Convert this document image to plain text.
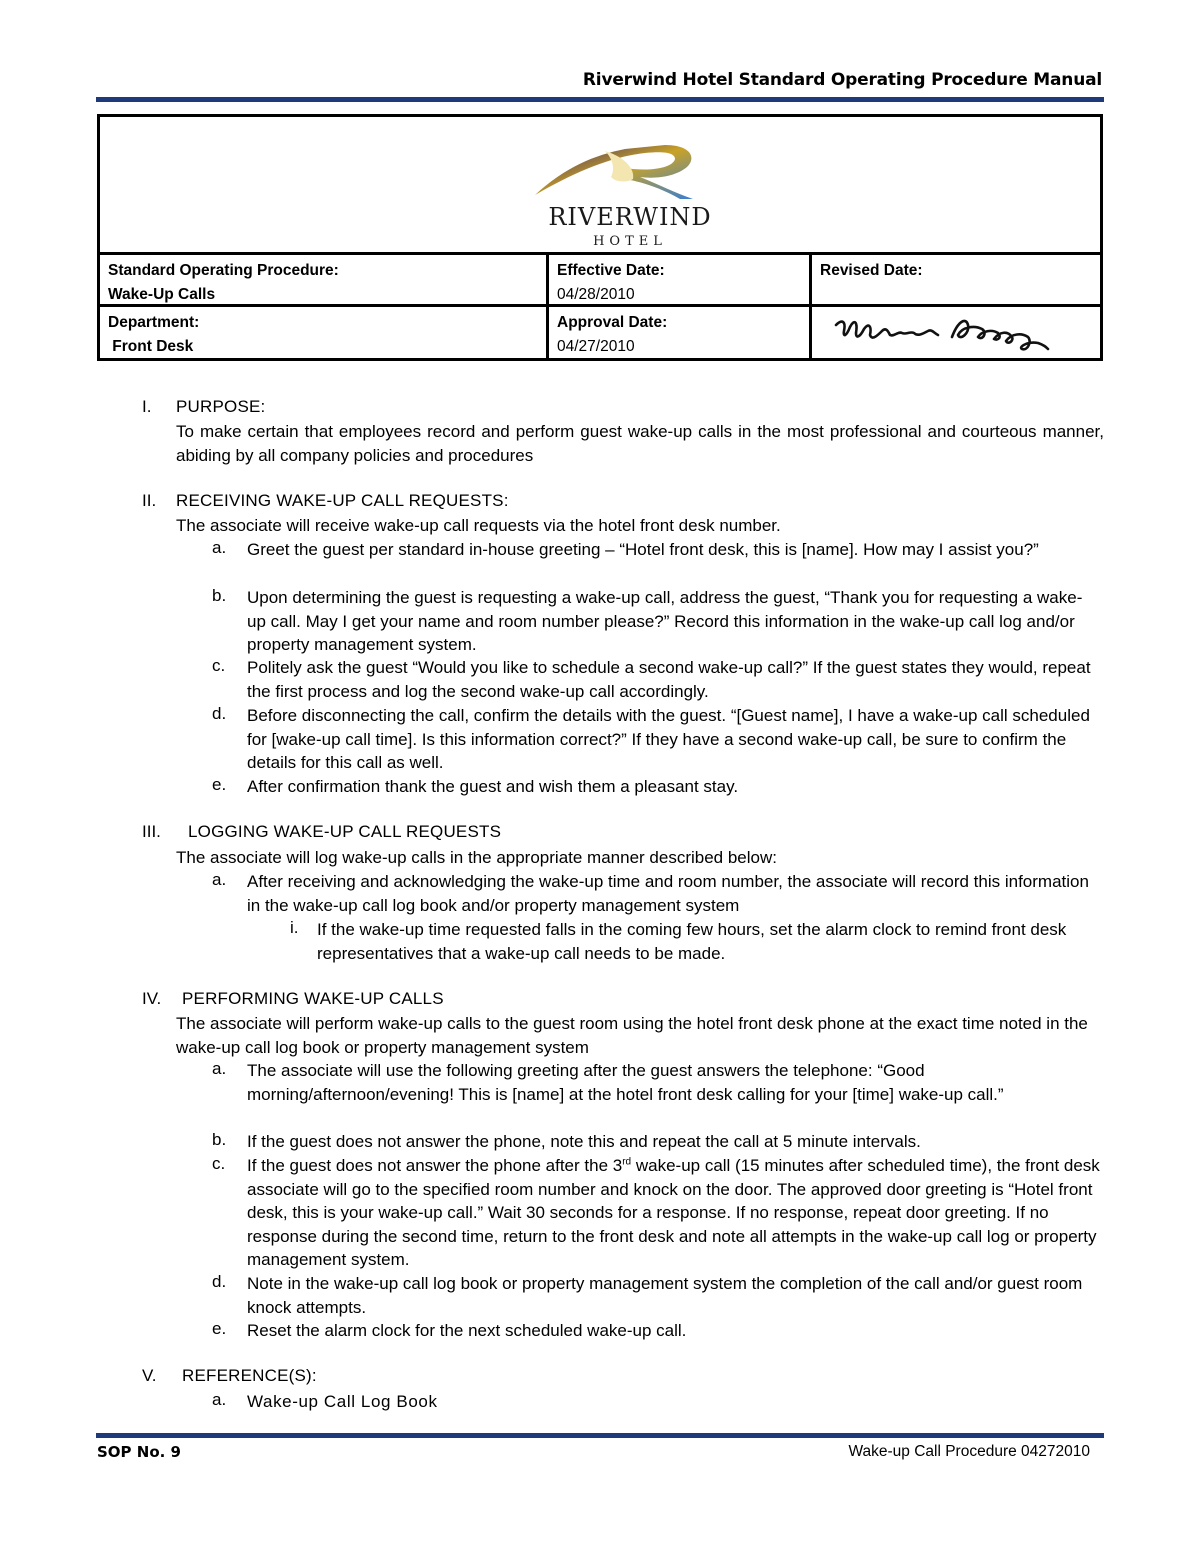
Riverwind Hotel Standard Operating Procedure Manual
RIVERWIND
HOTEL
Standard Operating Procedure:
Wake-Up Calls
Effective Date:
04/28/2010
Revised Date:
Department:
Front Desk
Approval Date:
04/27/2010
I. PURPOSE:
To make certain that employees record and perform guest wake-up calls in the most professional and courteous manner, abiding by all company policies and procedures
II. RECEIVING WAKE-UP CALL REQUESTS:
The associate will receive wake-up call requests via the hotel front desk number.
a. Greet the guest per standard in-house greeting – “Hotel front desk, this is [name]. How may I assist you?”
b. Upon determining the guest is requesting a wake-up call, address the guest, “Thank you for requesting a wake-up call. May I get your name and room number please?” Record this information in the wake-up call log and/or property management system.
c. Politely ask the guest “Would you like to schedule a second wake-up call?” If the guest states they would, repeat the first process and log the second wake-up call accordingly.
d. Before disconnecting the call, confirm the details with the guest. “[Guest name], I have a wake-up call scheduled for [wake-up call time]. Is this information correct?” If they have a second wake-up call, be sure to confirm the details for this call as well.
e. After confirmation thank the guest and wish them a pleasant stay.
III. LOGGING WAKE-UP CALL REQUESTS
The associate will log wake-up calls in the appropriate manner described below:
a. After receiving and acknowledging the wake-up time and room number, the associate will record this information in the wake-up call log book and/or property management system
i. If the wake-up time requested falls in the coming few hours, set the alarm clock to remind front desk representatives that a wake-up call needs to be made.
IV. PERFORMING WAKE-UP CALLS
The associate will perform wake-up calls to the guest room using the hotel front desk phone at the exact time noted in the wake-up call log book or property management system
a. The associate will use the following greeting after the guest answers the telephone: “Good morning/afternoon/evening! This is [name] at the hotel front desk calling for your [time] wake-up call.”
b. If the guest does not answer the phone, note this and repeat the call at 5 minute intervals.
c. If the guest does not answer the phone after the 3rd wake-up call (15 minutes after scheduled time), the front desk associate will go to the specified room number and knock on the door. The approved door greeting is “Hotel front desk, this is your wake-up call.” Wait 30 seconds for a response. If no response, repeat door greeting. If no response during the second time, return to the front desk and note all attempts in the wake-up call log or property management system.
d. Note in the wake-up call log book or property management system the completion of the call and/or guest room knock attempts.
e. Reset the alarm clock for the next scheduled wake-up call.
V. REFERENCE(S):
a. Wake-up Call Log Book
SOP No. 9	Wake-up Call Procedure 04272010
